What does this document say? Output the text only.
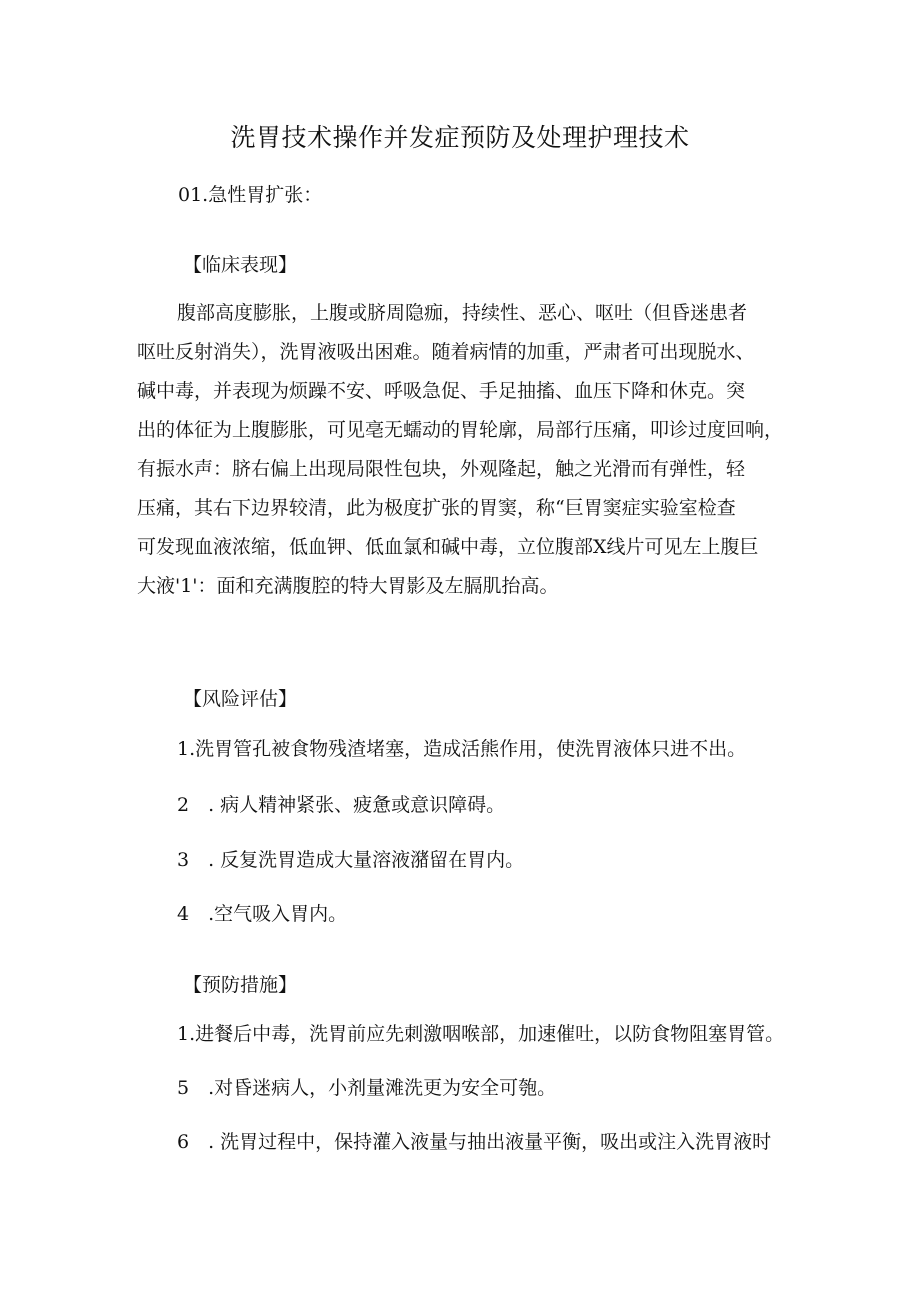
洗胃技术操作并发症预防及处理护理技术
01.急性胃扩张：
【临床表现】
腹部高度膨胀，上腹或脐周隐痂，持续性、恶心、呕吐（但昏迷患者
呕吐反射消失），洗胃液吸出困难。随着病情的加重，严肃者可出现脱水、
碱中毒，并表现为烦躁不安、呼吸急促、手足抽搐、血压下降和休克。突
出的体征为上腹膨胀，可见亳无蠕动的胃轮廓，局部行压痛，叩诊过度回响，
有振水声：脐右偏上出现局限性包块，外观隆起，触之光滑而有弹性，轻
压痛，其右下边界较清，此为极度扩张的胃窦，称“巨胃窦症实验室检查
可发现血液浓缩，低血钾、低血氯和碱中毒，立位腹部X线片可见左上腹巨
大液'1'：面和充满腹腔的特大胃影及左膈肌抬高。
【风险评估】
1.洗胃管孔被食物残渣堵塞，造成活熊作用，使洗胃液体只进不出。
2　. 病人精神紧张、疲惫或意识障碍。
3　. 反复洗胃造成大量溶液潴留在胃内。
4　.空气吸入胃内。
【预防措施】
1.进餐后中毒，洗胃前应先刺激咽喉部，加速催吐，以防食物阻塞胃管。
5　.对昏迷病人，小剂量滩洗更为安全可匏。
6　. 洗胃过程中，保持灌入液量与抽出液量平衡，吸出或注入洗胃液时
